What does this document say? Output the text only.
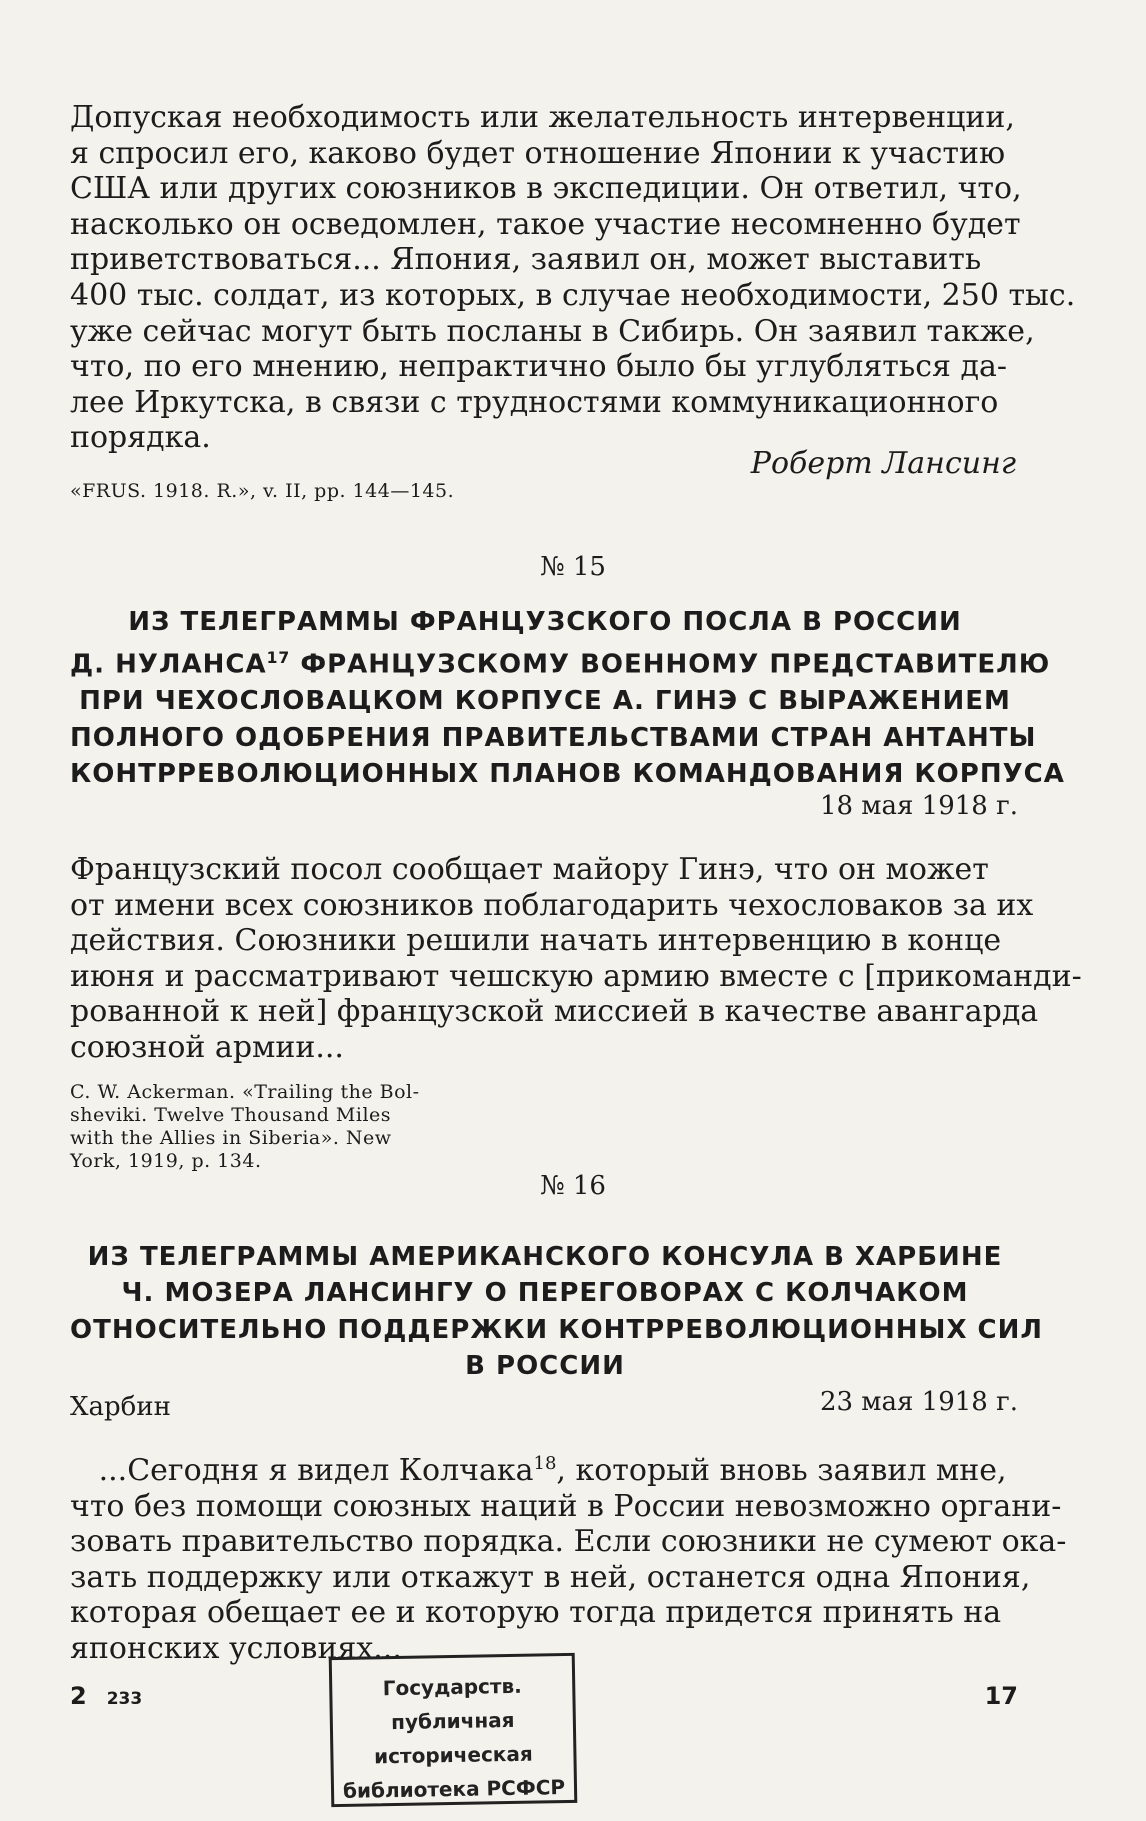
Допуская необходимость или желательность интервенции,
я спросил его, каково будет отношение Японии к участию
США или других союзников в экспедиции. Он ответил, что,
насколько он осведомлен, такое участие несомненно будет
приветствоваться... Япония, заявил он, может выставить
400 тыс. солдат, из которых, в случае необходимости, 250 тыс.
уже сейчас могут быть посланы в Сибирь. Он заявил также,
что, по его мнению, непрактично было бы углубляться да-
лее Иркутска, в связи с трудностями коммуникационного
порядка.

Роберт Лансинг
«FRUS. 1918. R.», v. II, pp. 144—145.
№ 15
ИЗ ТЕЛЕГРАММЫ ФРАНЦУЗСКОГО ПОСЛА В РОССИИ
Д. НУЛАНСА$^{17}$ ФРАНЦУЗСКОМУ ВОЕННОМУ ПРЕДСТАВИТЕЛЮ
ПРИ ЧЕХОСЛОВАЦКОМ КОРПУСЕ А. ГИНЭ С ВЫРАЖЕНИЕМ
ПОЛНОГО ОДОБРЕНИЯ ПРАВИТЕЛЬСТВАМИ СТРАН АНТАНТЫ
КОНТРРЕВОЛЮЦИОННЫХ ПЛАНОВ КОМАНДОВАНИЯ КОРПУСА
18 мая 1918 г.

Французский посол сообщает майору Гинэ, что он может
от имени всех союзников поблагодарить чехословаков за их
действия. Союзники решили начать интервенцию в конце
июня и рассматривают чешскую армию вместе с [прикоманди-
рованной к ней] французской миссией в качестве авангарда
союзной армии...

C. W. Ackerman. «Trailing the Bol-
sheviki. Twelve Thousand Miles
with the Allies in Siberia». New
York, 1919, p. 134.
№ 16
ИЗ ТЕЛЕГРАММЫ АМЕРИКАНСКОГО КОНСУЛА В ХАРБИНЕ
Ч. МОЗЕРА ЛАНСИНГУ О ПЕРЕГОВОРАХ С КОЛЧАКОМ
ОТНОСИТЕЛЬНО ПОДДЕРЖКИ КОНТРРЕВОЛЮЦИОННЫХ СИЛ
В РОССИИ
Харбин	23 мая 1918 г.

...Сегодня я видел Колчака$^{18}$, который вновь заявил мне,
что без помощи союзных наций в России невозможно органи-
зовать правительство порядка. Если союзники не сумеют ока-
зать поддержку или откажут в ней, останется одна Япония,
которая обещает ее и которую тогда придется принять на
японских условиях...

2 233	Государств. публичная
историческая
библиотека РСФСР
17
